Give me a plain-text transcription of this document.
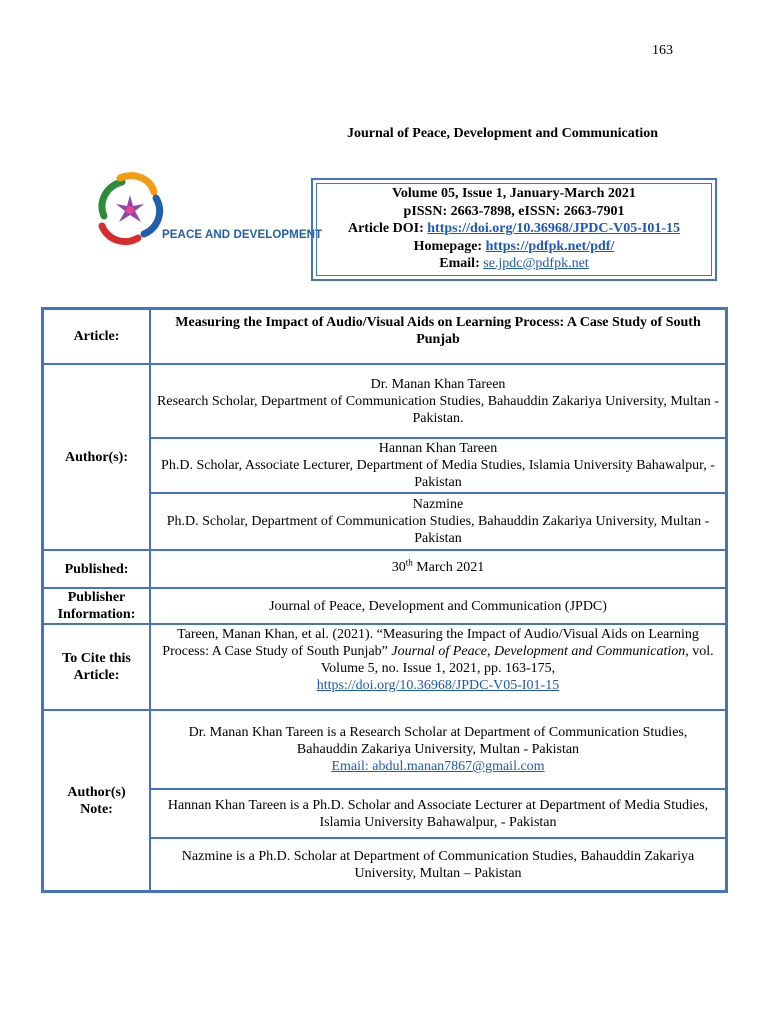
163
Journal of Peace, Development and Communication
PEACE AND DEVELOPMENT
Volume 05, Issue 1, January-March 2021
pISSN: 2663-7898, eISSN: 2663-7901
Article DOI: https://doi.org/10.36968/JPDC-V05-I01-15
Homepage: https://pdfpk.net/pdf/
Email: se.jpdc@pdfpk.net
Article:	Measuring the Impact of Audio/Visual Aids on Learning Process: A Case Study of South Punjab
Author(s):	Dr. Manan Khan Tareen
Research Scholar, Department of Communication Studies, Bahauddin Zakariya University, Multan - Pakistan.

	Hannan Khan Tareen
Ph.D. Scholar, Associate Lecturer, Department of Media Studies, Islamia University Bahawalpur, - Pakistan

	Nazmine
Ph.D. Scholar, Department of Communication Studies, Bahauddin Zakariya University, Multan - Pakistan

Published:	30th March 2021
Publisher Information:	Journal of Peace, Development and Communication (JPDC)
To Cite this Article:	Tareen, Manan Khan, et al. (2021). “Measuring the Impact of Audio/Visual Aids on Learning Process: A Case Study of South Punjab” Journal of Peace, Development and Communication, vol. Volume 5, no. Issue 1, 2021, pp. 163-175,
https://doi.org/10.36968/JPDC-V05-I01-15
Author(s) Note:	Dr. Manan Khan Tareen is a Research Scholar at Department of Communication Studies, Bahauddin Zakariya University, Multan - Pakistan
Email: abdul.manan7867@gmail.com

	Hannan Khan Tareen is a Ph.D. Scholar and Associate Lecturer at Department of Media Studies, Islamia University Bahawalpur, - Pakistan
	Nazmine is a Ph.D. Scholar at Department of Communication Studies, Bahauddin Zakariya University, Multan – Pakistan
